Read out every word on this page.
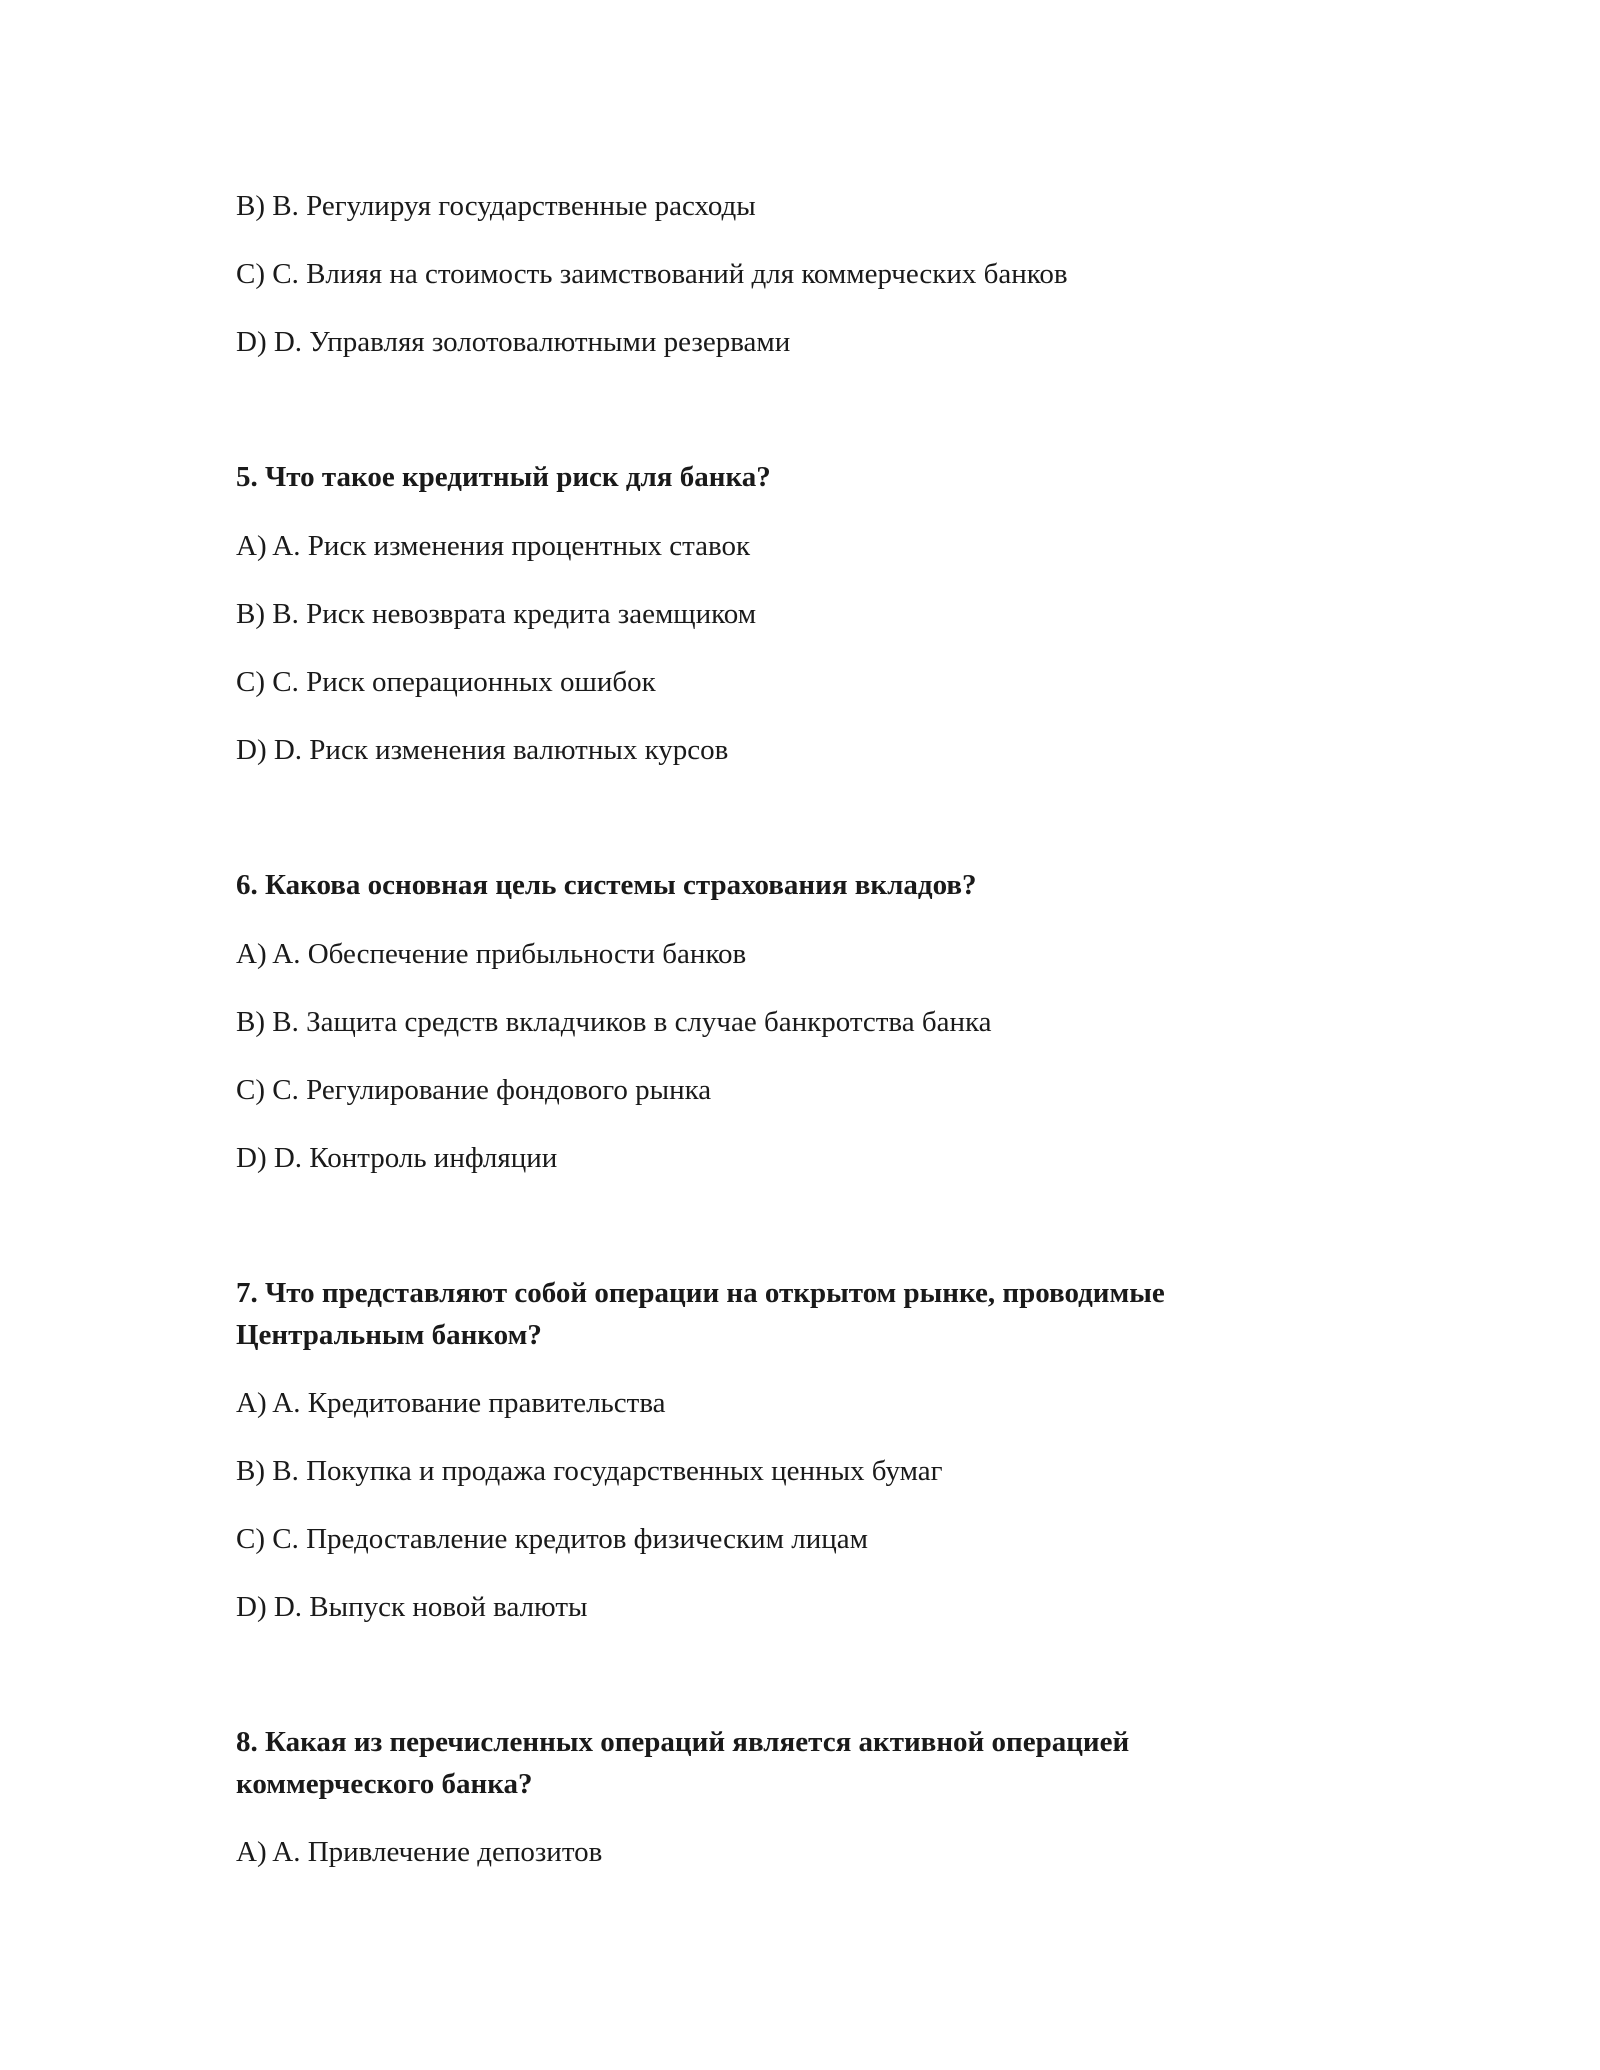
B) B. Регулируя государственные расходы
C) C. Влияя на стоимость заимствований для коммерческих банков
D) D. Управляя золотовалютными резервами
5. Что такое кредитный риск для банка?
A) A. Риск изменения процентных ставок
B) B. Риск невозврата кредита заемщиком
C) C. Риск операционных ошибок
D) D. Риск изменения валютных курсов
6. Какова основная цель системы страхования вкладов?
A) A. Обеспечение прибыльности банков
B) B. Защита средств вкладчиков в случае банкротства банка
C) C. Регулирование фондового рынка
D) D. Контроль инфляции
7. Что представляют собой операции на открытом рынке, проводимые
Центральным банком?
A) A. Кредитование правительства
B) B. Покупка и продажа государственных ценных бумаг
C) C. Предоставление кредитов физическим лицам
D) D. Выпуск новой валюты
8. Какая из перечисленных операций является активной операцией
коммерческого банка?
A) A. Привлечение депозитов
